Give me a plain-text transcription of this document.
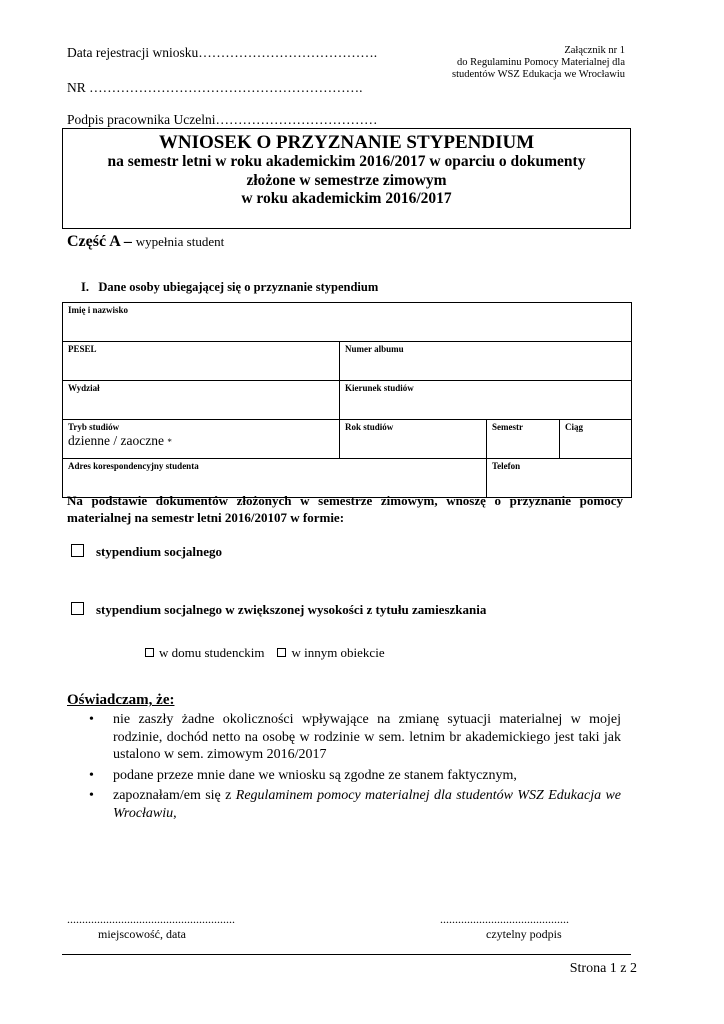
Data rejestracji wniosku………………………………….
NR …………………………………………………….
Podpis pracownika Uczelni………………………………
Załącznik nr 1
do Regulaminu Pomocy Materialnej dla
studentów WSZ Edukacja we Wrocławiu
WNIOSEK O PRZYZNANIE STYPENDIUM
na semestr letni w roku akademickim 2016/2017 w oparciu o dokumenty
złożone w semestrze zimowym
w roku akademickim 2016/2017
Część A – wypełnia student
I. Dane osoby ubiegającej się o przyznanie stypendium
Imię i nazwisko			
PESEL	Numer albumu		
Wydział	Kierunek studiów		
Tryb studiów
dzienne / zaoczne *	Rok studiów	Semestr	Ciąg
Adres korespondencyjny studenta		Telefon	
Na podstawie dokumentów złożonych w semestrze zimowym, wnoszę o przyznanie pomocy materialnej na semestr letni 2016/20107 w formie:
stypendium socjalnego
stypendium socjalnego w zwiększonej wysokości z tytułu zamieszkania
w domu studenckim w innym obiekcie
Oświadczam, że:
• nie zaszły żadne okoliczności wpływające na zmianę sytuacji materialnej w mojej rodzinie, dochód netto na osobę w rodzinie w sem. letnim br akademickiego jest taki jak ustalono w sem. zimowym 2016/2017
• podane przeze mnie dane we wniosku są zgodne ze stanem faktycznym,
• zapoznałam/em się z Regulaminem pomocy materialnej dla studentów WSZ Edukacja we Wrocławiu,
........................................................
miejscowość, data
...........................................
czytelny podpis
Strona 1 z 2
